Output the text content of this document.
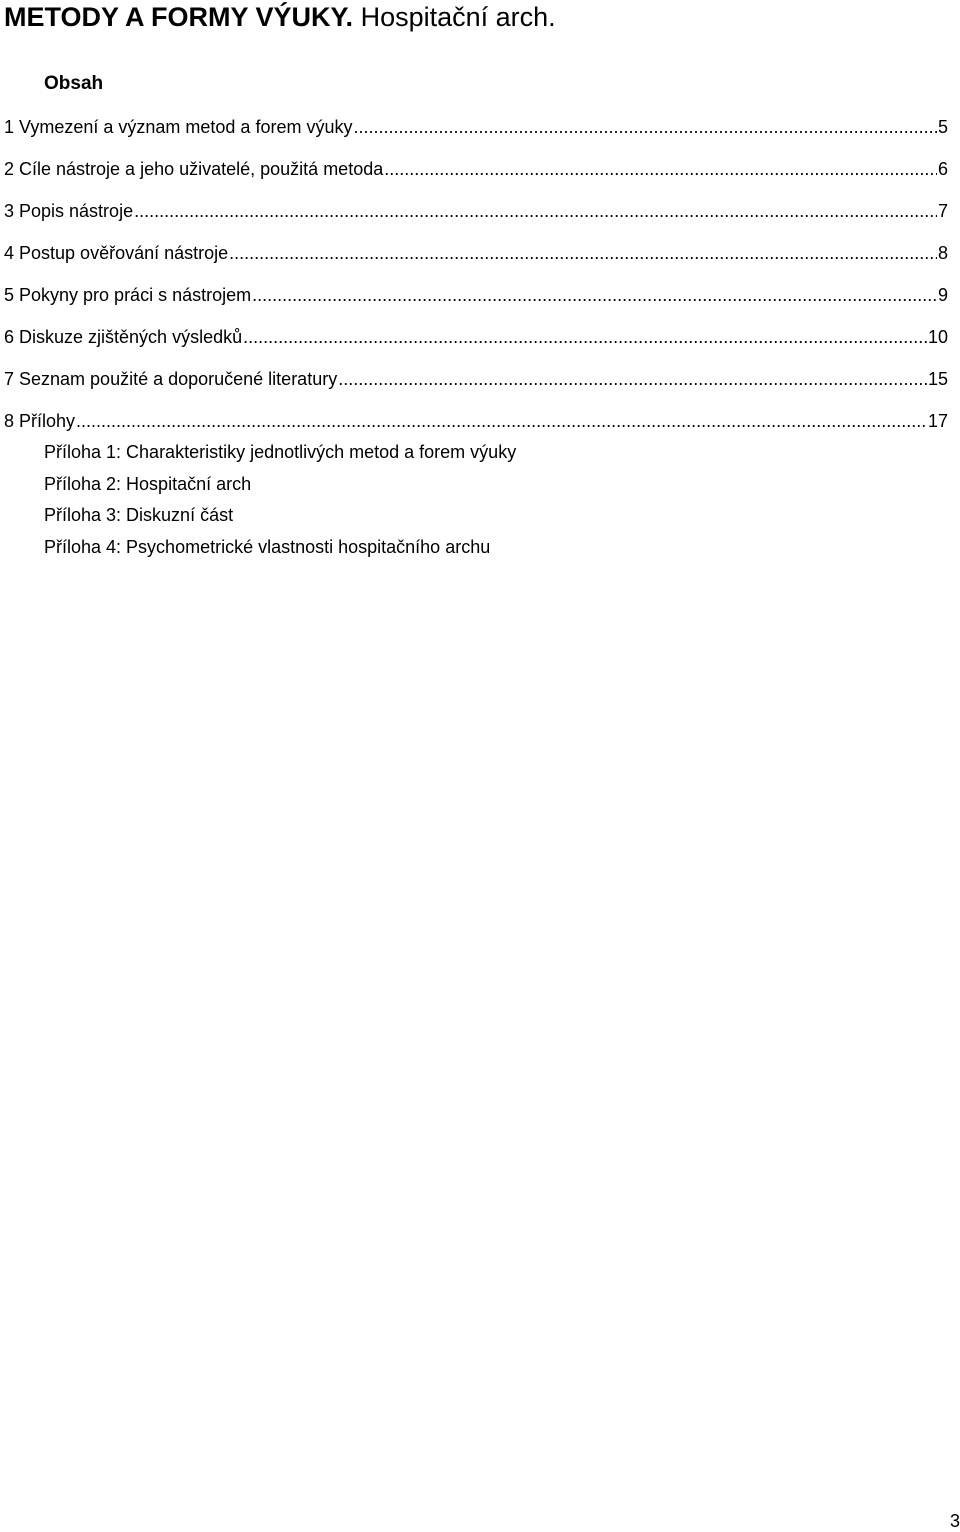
METODY A FORMY VÝUKY. Hospitační arch.
Obsah
1 Vymezení a význam metod a forem výuky .....	5
2 Cíle nástroje a jeho uživatelé, použitá metoda .....	6
3 Popis nástroje .....	7
4 Postup ověřování nástroje .....	8
5 Pokyny pro práci s nástrojem .....	9
6 Diskuze zjištěných výsledků .....	10
7 Seznam použité a doporučené literatury .....	15
8 Přílohy .....	17
Příloha 1: Charakteristiky jednotlivých metod a forem výuky
Příloha 2: Hospitační arch
Příloha 3: Diskuzní část
Příloha 4: Psychometrické vlastnosti hospitačního archu
3
